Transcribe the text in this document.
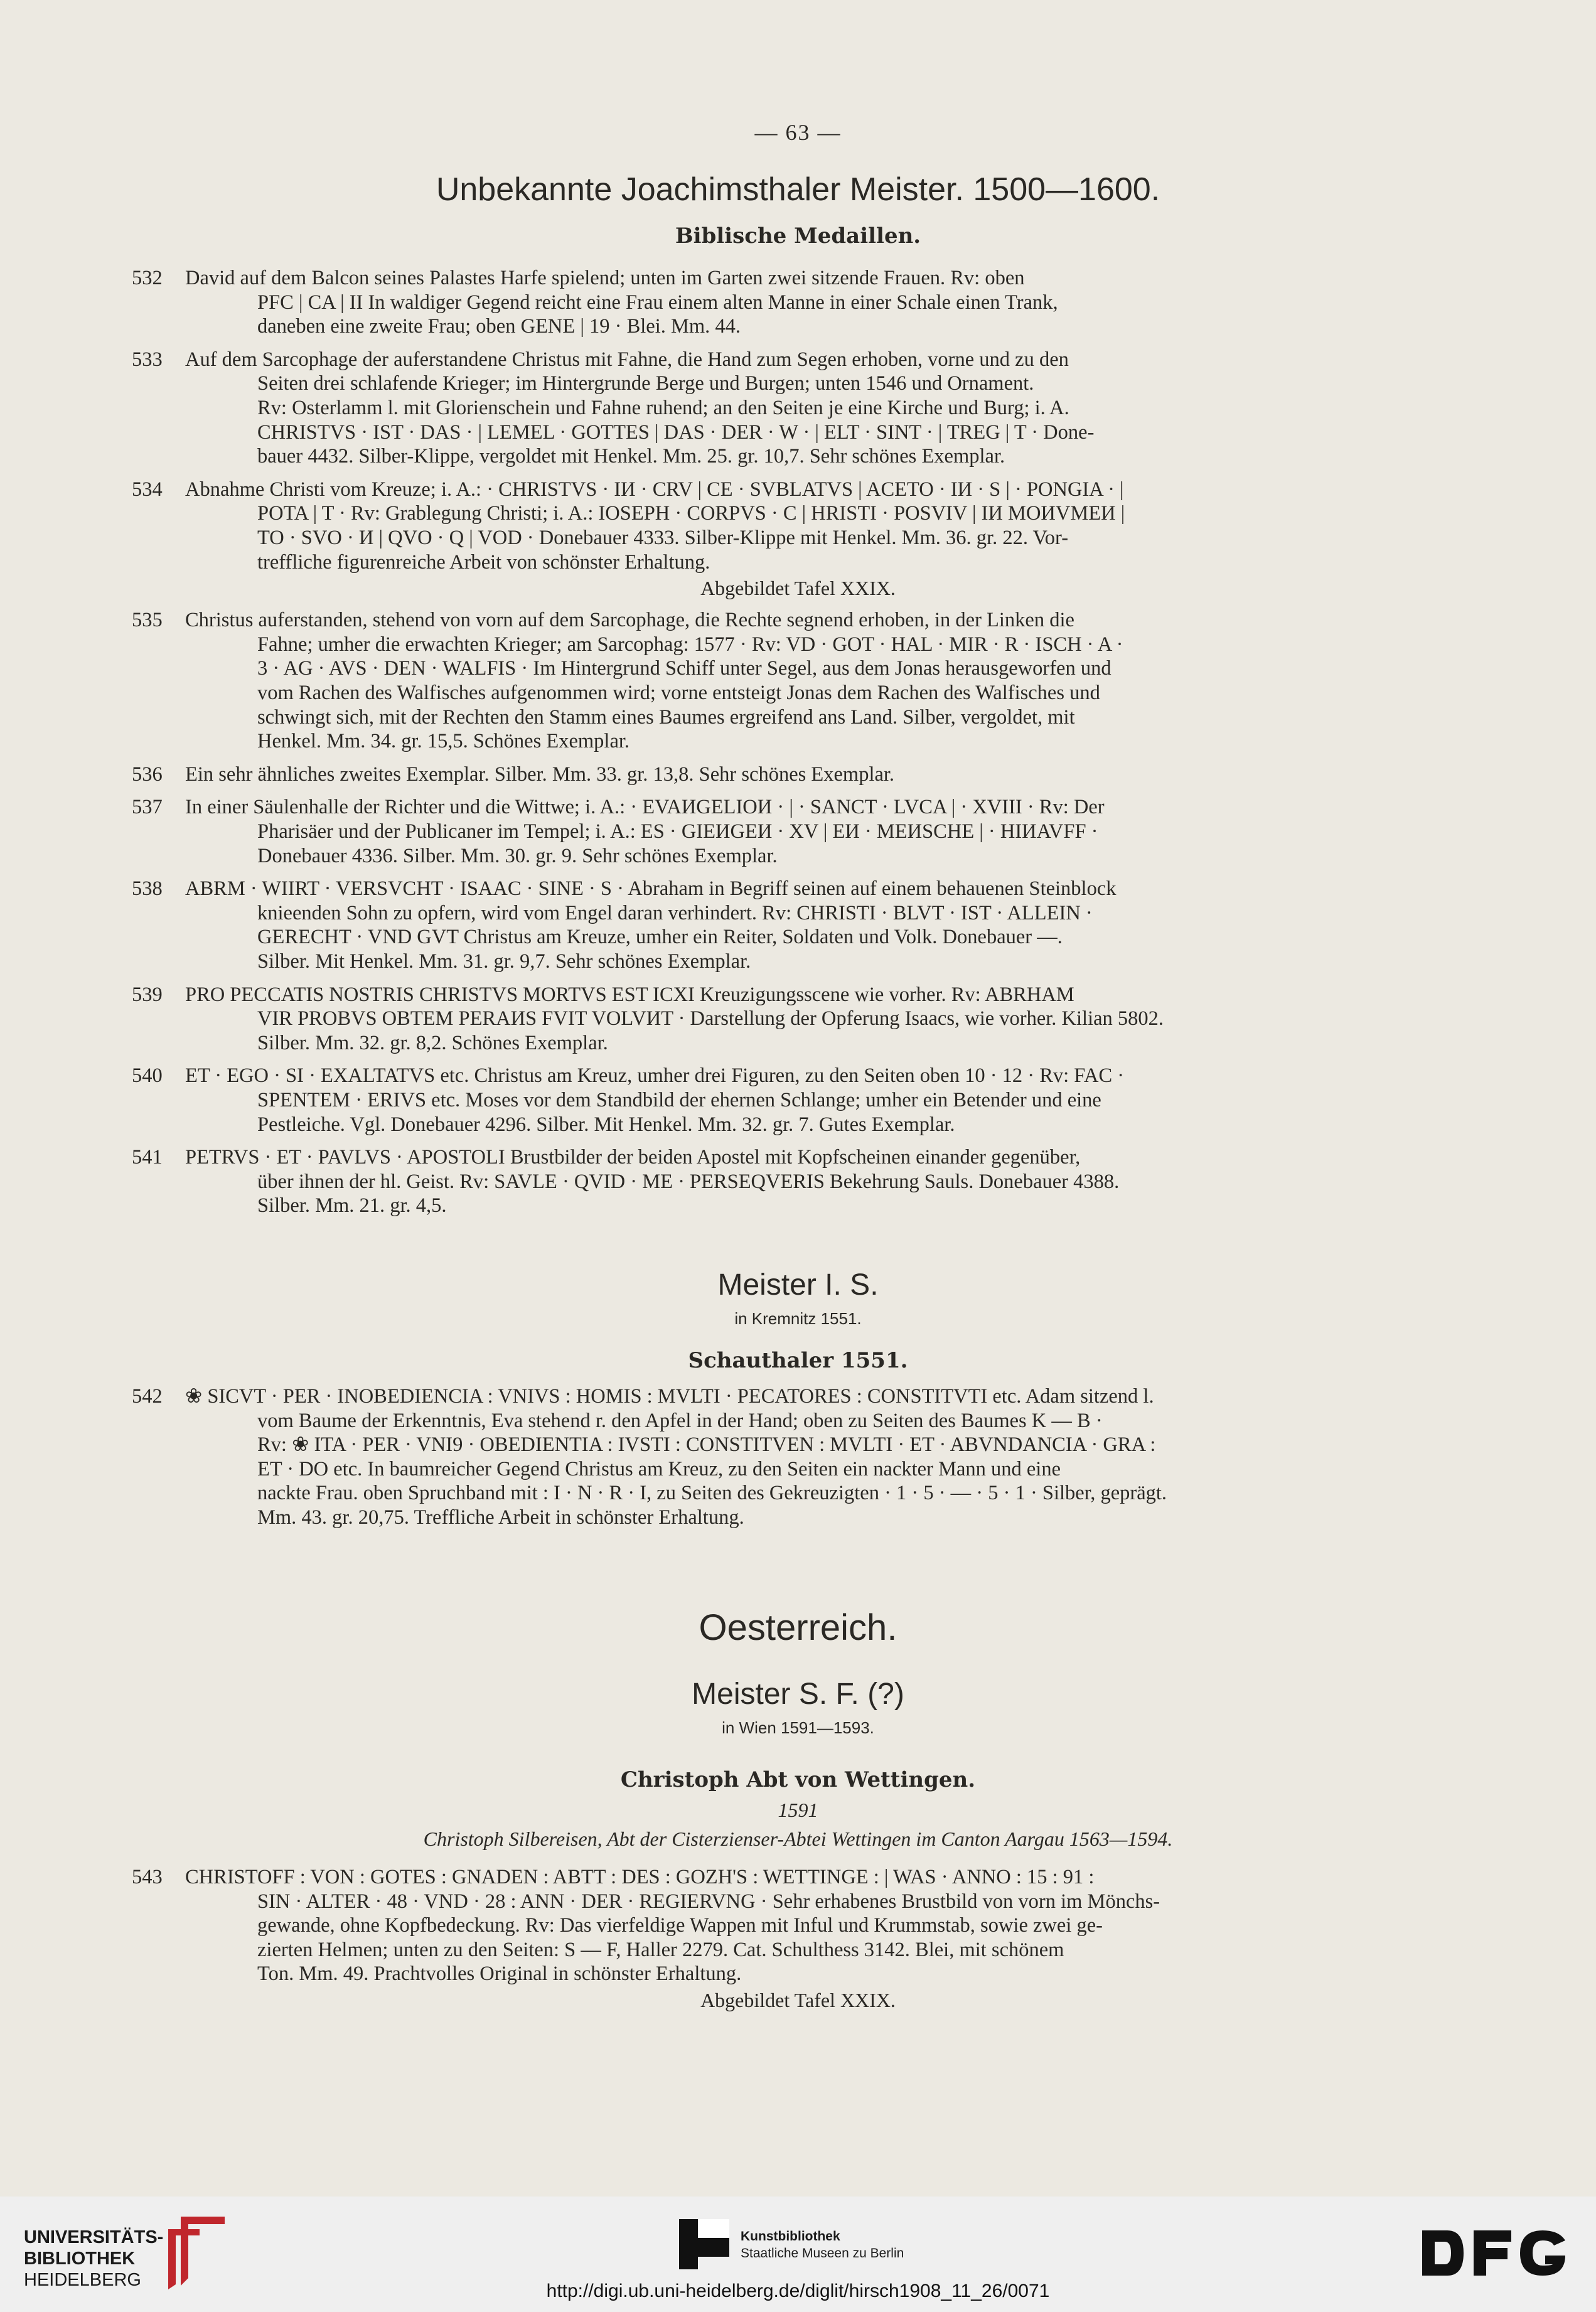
— 63 —
Unbekannte Joachimsthaler Meister. 1500—1600.
Biblische Medaillen.
532	David auf dem Balcon seines Palastes Harfe spielend; unten im Garten zwei sitzende Frauen. Rv: oben
PFC | CA | II In waldiger Gegend reicht eine Frau einem alten Manne in einer Schale einen Trank,
daneben eine zweite Frau; oben GENE | 19 · Blei. Mm. 44.
533	Auf dem Sarcophage der auferstandene Christus mit Fahne, die Hand zum Segen erhoben, vorne und zu den
Seiten drei schlafende Krieger; im Hintergrunde Berge und Burgen; unten 1546 und Ornament.
Rv: Osterlamm l. mit Glorienschein und Fahne ruhend; an den Seiten je eine Kirche und Burg; i. A.
CHRISTVS · IST · DAS · | LEMEL · GOTTES | DAS · DER · W · | ELT · SINT · | TREG | T · Done-
bauer 4432. Silber-Klippe, vergoldet mit Henkel. Mm. 25. gr. 10,7. Sehr schönes Exemplar.
534	Abnahme Christi vom Kreuze; i. A.: · CHRISTVS · IИ · CRV | CE · SVBLATVS | ACETO · IИ · S | · PONGIA · |
POTA | T · Rv: Grablegung Christi; i. A.: IOSEPH · CORPVS · C | HRISTI · POSVIV | IИ MOИVMEИ |
TO · SVO · И | QVO · Q | VOD · Donebauer 4333. Silber-Klippe mit Henkel. Mm. 36. gr. 22. Vor-
treffliche figurenreiche Arbeit von schönster Erhaltung.
Abgebildet Tafel XXIX.
535	Christus auferstanden, stehend von vorn auf dem Sarcophage, die Rechte segnend erhoben, in der Linken die
Fahne; umher die erwachten Krieger; am Sarcophag: 1577 · Rv: VD · GOT · HAL · MIR · R · ISCH · A ·
3 · AG · AVS · DEN · WALFIS · Im Hintergrund Schiff unter Segel, aus dem Jonas herausgeworfen und
vom Rachen des Walfisches aufgenommen wird; vorne entsteigt Jonas dem Rachen des Walfisches und
schwingt sich, mit der Rechten den Stamm eines Baumes ergreifend ans Land. Silber, vergoldet, mit
Henkel. Mm. 34. gr. 15,5. Schönes Exemplar.
536	Ein sehr ähnliches zweites Exemplar. Silber. Mm. 33. gr. 13,8. Sehr schönes Exemplar.
537	In einer Säulenhalle der Richter und die Wittwe; i. A.: · EVAИGELIOИ · | · SANCT · LVCA | · XVIII · Rv: Der
Pharisäer und der Publicaner im Tempel; i. A.: ES · GIEИGEИ · XV | EИ · MEИSCHE | · HIИAVFF ·
Donebauer 4336. Silber. Mm. 30. gr. 9. Sehr schönes Exemplar.
538	ABRM · WIIRT · VERSVCHT · ISAAC · SINE · S · Abraham in Begriff seinen auf einem behauenen Steinblock
knieenden Sohn zu opfern, wird vom Engel daran verhindert. Rv: CHRISTI · BLVT · IST · ALLEIN ·
GERECHT · VND GVT Christus am Kreuze, umher ein Reiter, Soldaten und Volk. Donebauer —.
Silber. Mit Henkel. Mm. 31. gr. 9,7. Sehr schönes Exemplar.
539	PRO PECCATIS NOSTRIS CHRISTVS MORTVS EST ICXI Kreuzigungsscene wie vorher. Rv: ABRHAM
VIR PROBVS OBTEM PERAИS FVIT VOLVИT · Darstellung der Opferung Isaacs, wie vorher. Kilian 5802.
Silber. Mm. 32. gr. 8,2. Schönes Exemplar.
540	ET · EGO · SI · EXALTATVS etc. Christus am Kreuz, umher drei Figuren, zu den Seiten oben 10 · 12 · Rv: FAC ·
SPENTEM · ERIVS etc. Moses vor dem Standbild der ehernen Schlange; umher ein Betender und eine
Pestleiche. Vgl. Donebauer 4296. Silber. Mit Henkel. Mm. 32. gr. 7. Gutes Exemplar.
541	PETRVS · ET · PAVLVS · APOSTOLI Brustbilder der beiden Apostel mit Kopfscheinen einander gegenüber,
über ihnen der hl. Geist. Rv: SAVLE · QVID · ME · PERSEQVERIS Bekehrung Sauls. Donebauer 4388.
Silber. Mm. 21. gr. 4,5.
Meister I. S.
in Kremnitz 1551.
Schauthaler 1551.
542	❀ SICVT · PER · INOBEDIENCIA : VNIVS : HOMIS : MVLTI · PECATORES : CONSTITVTI etc. Adam sitzend l.
vom Baume der Erkenntnis, Eva stehend r. den Apfel in der Hand; oben zu Seiten des Baumes K — B ·
Rv: ❀ ITA · PER · VNI9 · OBEDIENTIA : IVSTI : CONSTITVEN : MVLTI · ET · ABVNDANCIA · GRA :
ET · DO etc. In baumreicher Gegend Christus am Kreuz, zu den Seiten ein nackter Mann und eine
nackte Frau. oben Spruchband mit : I · N · R · I, zu Seiten des Gekreuzigten · 1 · 5 · — · 5 · 1 · Silber, geprägt.
Mm. 43. gr. 20,75. Treffliche Arbeit in schönster Erhaltung.
Oesterreich.
Meister S. F. (?)
in Wien 1591—1593.
Christoph Abt von Wettingen.
1591
Christoph Silbereisen, Abt der Cisterzienser-Abtei Wettingen im Canton Aargau 1563—1594.
543	CHRISTOFF : VON : GOTES : GNADEN : ABTT : DES : GOZH'S : WETTINGE : | WAS · ANNO : 15 : 91 :
SIN · ALTER · 48 · VND · 28 : ANN · DER · REGIERVNG · Sehr erhabenes Brustbild von vorn im Mönchs-
gewande, ohne Kopfbedeckung. Rv: Das vierfeldige Wappen mit Inful und Krummstab, sowie zwei ge-
zierten Helmen; unten zu den Seiten: S — F, Haller 2279. Cat. Schulthess 3142. Blei, mit schönem
Ton. Mm. 49. Prachtvolles Original in schönster Erhaltung.
Abgebildet Tafel XXIX.
UNIVERSITÄTS-
BIBLIOTHEK
HEIDELBERG
Kunstbibliothek
Staatliche Museen zu Berlin
http://digi.ub.uni-heidelberg.de/diglit/hirsch1908_11_26/0071
